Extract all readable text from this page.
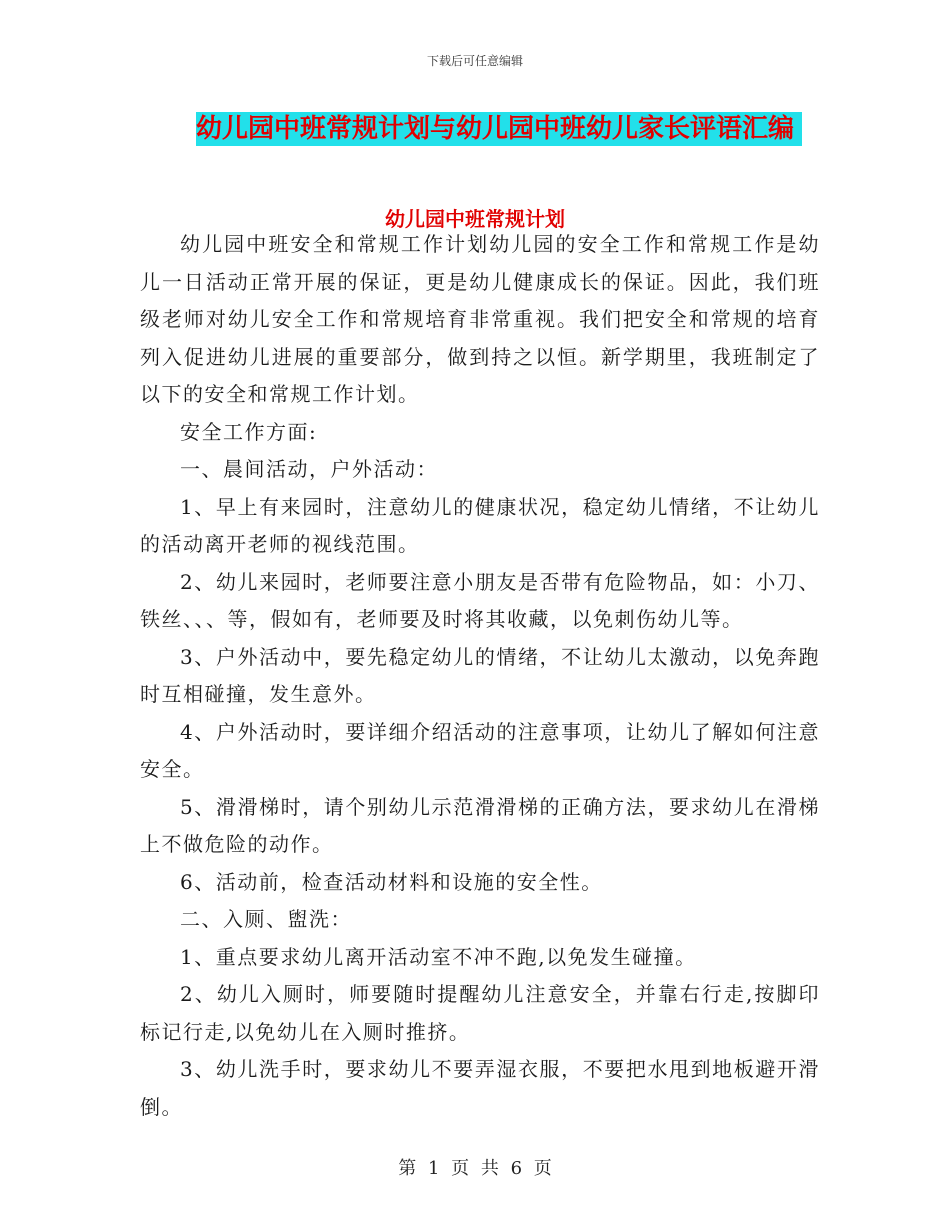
下载后可任意编辑
幼儿园中班常规计划与幼儿园中班幼儿家长评语汇编
幼儿园中班常规计划

幼儿园中班安全和常规工作计划幼儿园的安全工作和常规工作是幼儿一日活动正常开展的保证，更是幼儿健康成长的保证。因此，我们班级老师对幼儿安全工作和常规培育非常重视。我们把安全和常规的培育列入促进幼儿进展的重要部分，做到持之以恒。新学期里，我班制定了以下的安全和常规工作计划。

安全工作方面:

一、晨间活动，户外活动：

1、早上有来园时，注意幼儿的健康状况，稳定幼儿情绪，不让幼儿的活动离开老师的视线范围。

2、幼儿来园时，老师要注意小朋友是否带有危险物品，如：小刀、铁丝、、、等，假如有，老师要及时将其收藏，以免刺伤幼儿等。

3、户外活动中，要先稳定幼儿的情绪，不让幼儿太激动，以免奔跑时互相碰撞，发生意外。

4、户外活动时，要详细介绍活动的注意事项，让幼儿了解如何注意安全。

5、滑滑梯时，请个别幼儿示范滑滑梯的正确方法，要求幼儿在滑梯上不做危险的动作。

6、活动前，检查活动材料和设施的安全性。

二、入厕、盥洗：

1、重点要求幼儿离开活动室不冲不跑,以免发生碰撞。

2、幼儿入厕时，师要随时提醒幼儿注意安全，并靠右行走,按脚印标记行走,以免幼儿在入厕时推挤。

3、幼儿洗手时，要求幼儿不要弄湿衣服，不要把水甩到地板避开滑倒。

第 1 页 共 6 页
